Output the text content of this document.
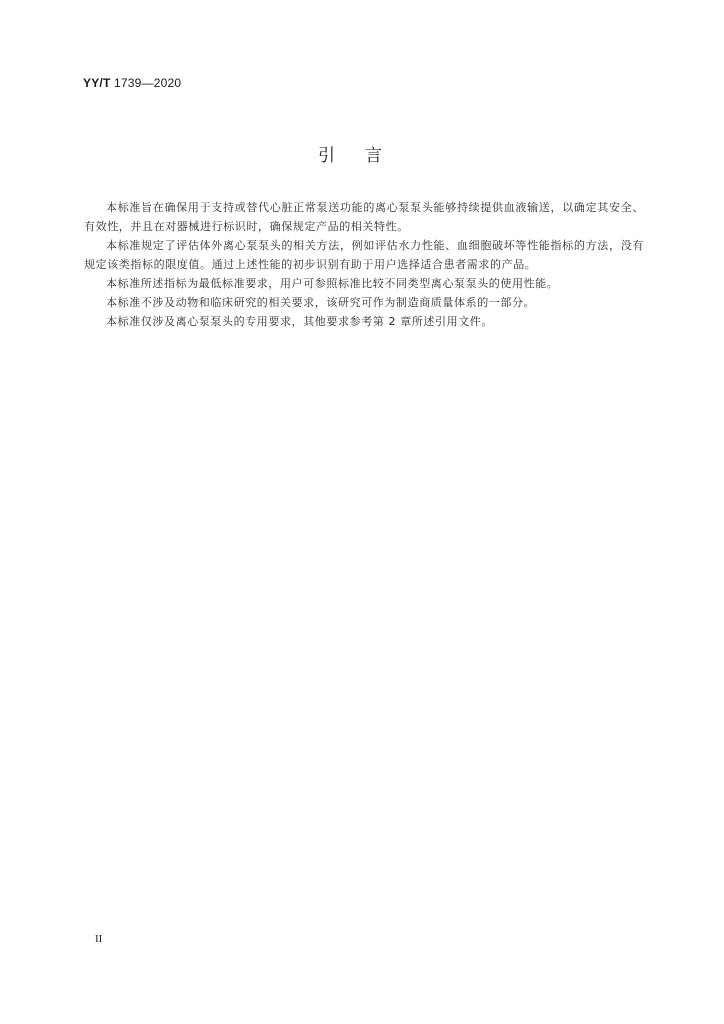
YY/T 1739—2020
引言

本标准旨在确保用于支持或替代心脏正常泵送功能的离心泵泵头能够持续提供血液输送，以确定其安全、有效性，并且在对器械进行标识时，确保规定产品的相关特性。

本标准规定了评估体外离心泵泵头的相关方法，例如评估水力性能、血细胞破坏等性能指标的方法，没有规定该类指标的限度值。通过上述性能的初步识别有助于用户选择适合患者需求的产品。

本标准所述指标为最低标准要求，用户可参照标准比较不同类型离心泵泵头的使用性能。

本标准不涉及动物和临床研究的相关要求，该研究可作为制造商质量体系的一部分。

本标准仅涉及离心泵泵头的专用要求，其他要求参考第 2 章所述引用文件。

II
